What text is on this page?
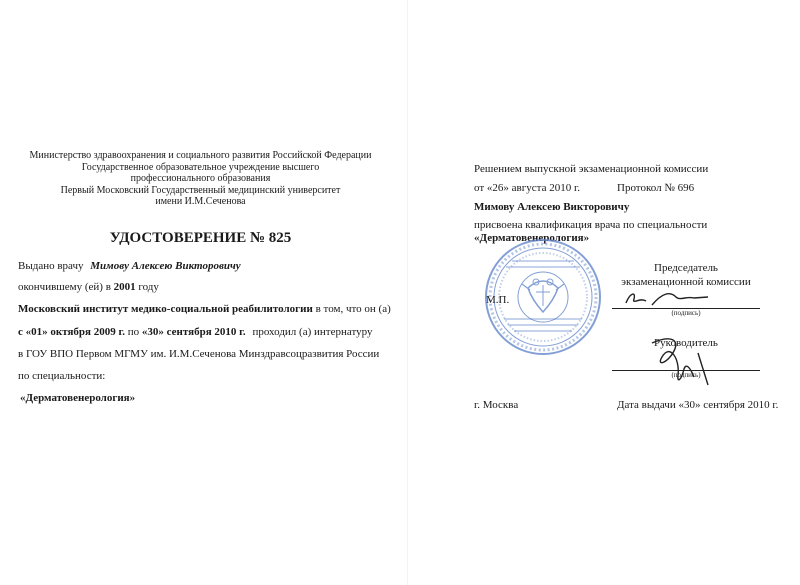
Министерство здравоохранения и социального развития Российской Федерации
Государственное образовательное учреждение высшего
профессионального образования
Первый Московский Государственный медицинский университет
имени И.М.Сеченова
УДОСТОВЕРЕНИЕ № 825
Выдано врачу Мимову Алексею Викторовичу
окончившему (ей) в 2001 году
Московский институт медико-социальной реабилитологии в том, что он (а)
с «01» октября 2009 г. по «30» сентября 2010 г. проходил (а) интернатуру
в ГОУ ВПО Первом МГМУ им. И.М.Сеченова Минздравсоцразвития России
по специальности:
«Дерматовенерология»
Решением выпускной экзаменационной комиссии
от «26» августа 2010 г.	Протокол № 696
Мимову Алексею Викторовичу
присвоена квалификация врача по специальности
«Дерматовенерология»
М.П.
Председатель
экзаменационной комиссии
(подпись)
Руководитель
(подпись)
г. Москва	Дата выдачи «30» сентября 2010 г.
